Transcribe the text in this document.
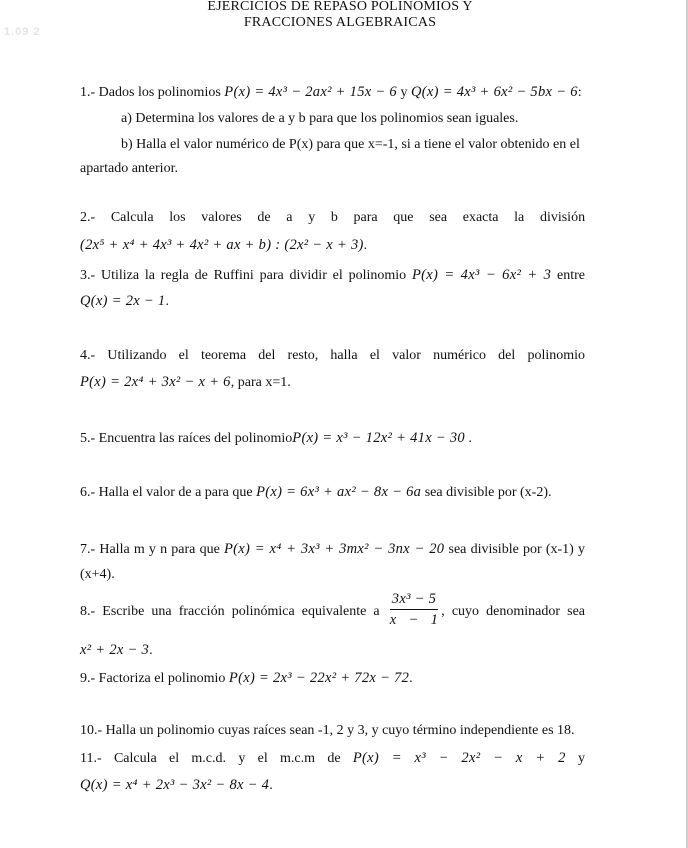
1.09 2
EJERCICIOS DE REPASO POLINOMIOS Y
FRACCIONES ALGEBRAICAS
1.- Dados los polinomios P(x) = 4x³ − 2ax² + 15x − 6 y Q(x) = 4x³ + 6x² − 5bx − 6:
a) Determina los valores de a y b para que los polinomios sean iguales.
b) Halla el valor numérico de P(x) para que x=-1, si a tiene el valor obtenido en el
apartado anterior.
2.- Calcula los valores de a y b para que sea exacta la división
(2x⁵ + x⁴ + 4x³ + 4x² + ax + b) : (2x² − x + 3).
3.- Utiliza la regla de Ruffini para dividir el polinomio P(x) = 4x³ − 6x² + 3 entre
Q(x) = 2x − 1.
4.- Utilizando el teorema del resto, halla el valor numérico del polinomio
P(x) = 2x⁴ + 3x² − x + 6, para x=1.
5.- Encuentra las raíces del polinomioP(x) = x³ − 12x² + 41x − 30 .
6.- Halla el valor de a para que P(x) = 6x³ + ax² − 8x − 6a sea divisible por (x-2).
7.- Halla m y n para que P(x) = x⁴ + 3x³ + 3mx² − 3nx − 20 sea divisible por (x-1) y
(x+4).
8.- Escribe una fracción polinómica equivalente a $\frac{\text{3x³ − 5}}{x - 1}$ , cuyo denominador sea
x² + 2x − 3.
9.- Factoriza el polinomio P(x) = 2x³ − 22x² + 72x − 72.
10.- Halla un polinomio cuyas raíces sean -1, 2 y 3, y cuyo término independiente es 18.
11.- Calcula el m.c.d. y el m.c.m de P(x) = x³ − 2x² − x + 2 y
Q(x) = x⁴ + 2x³ − 3x² − 8x − 4.
